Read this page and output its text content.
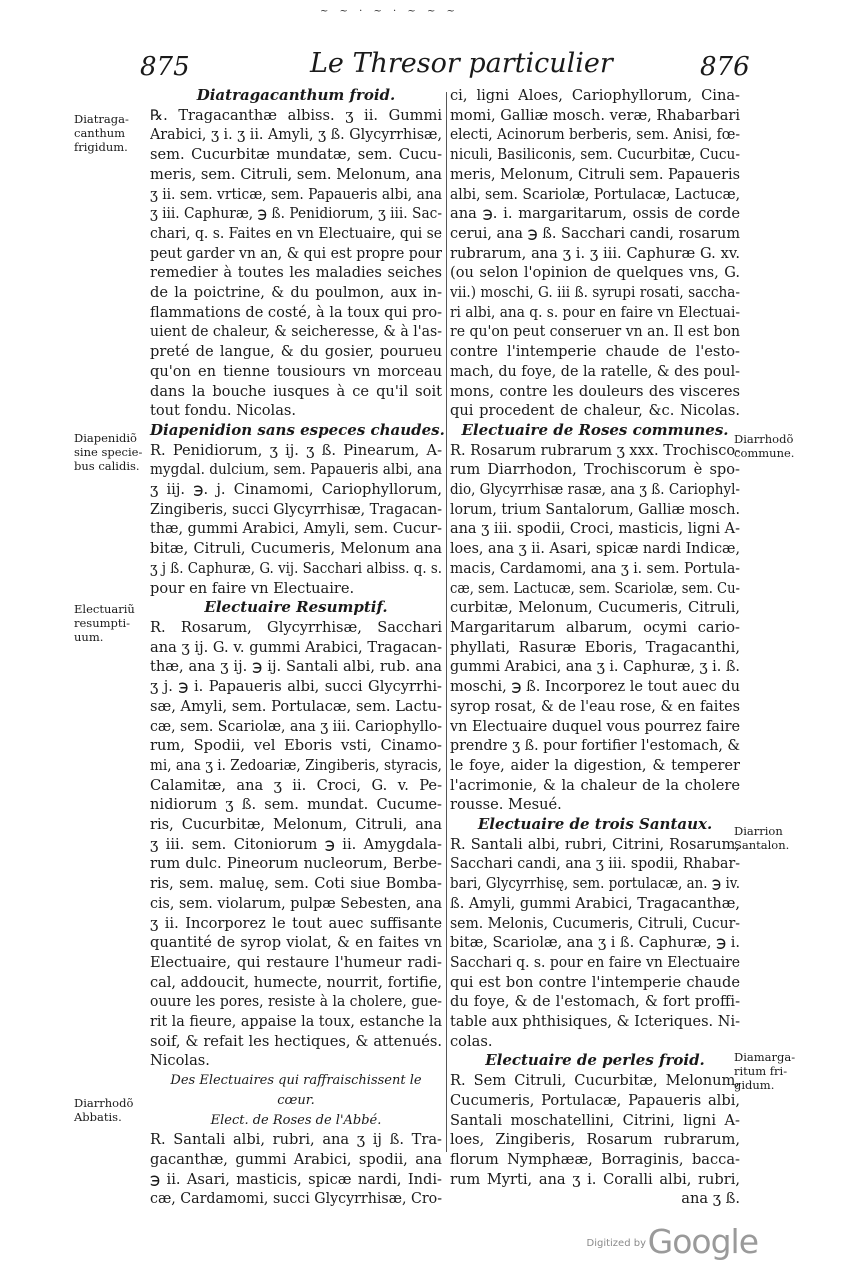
~ ~ · ~ · ~ ~ ~
875	Le Thresor particulier	876
Diatragacanthum froid.
℞. Tragacanthæ albiss. ʒ ii. Gummi
Arabici, ʒ i. ʒ ii. Amyli, ʒ ß. Glycyrrhisæ,
sem. Cucurbitæ mundatæ, sem. Cucu-
meris, sem. Citruli, sem. Melonum, ana
ʒ ii. sem. vrticæ, sem. Papaueris albi, ana
ʒ iii. Caphuræ, ℈ ß. Penidiorum, ʒ iii. Sac-
chari, q. s. Faites en vn Electuaire, qui se
peut garder vn an, & qui est propre pour
remedier à toutes les maladies seiches
de la poictrine, & du poulmon, aux in-
flammations de costé, à la toux qui pro-
uient de chaleur, & seicheresse, & à l'as-
preté de langue, & du gosier, pourueu
qu'on en tienne tousiours vn morceau
dans la bouche iusques à ce qu'il soit
tout fondu. Nicolas.
Diapenidion sans especes chaudes.
R. Penidiorum, ʒ ij. ʒ ß. Pinearum, A-
mygdal. dulcium, sem. Papaueris albi, ana
ʒ iij. ℈. j. Cinamomi, Cariophyllorum,
Zingiberis, succi Glycyrrhisæ, Tragacan-
thæ, gummi Arabici, Amyli, sem. Cucur-
bitæ, Citruli, Cucumeris, Melonum ana
ʒ j ß. Caphuræ, G. vij. Sacchari albiss. q. s.
pour en faire vn Electuaire.
Electuaire Resumptif.
R. Rosarum, Glycyrrhisæ, Sacchari
ana ʒ ij. G. v. gummi Arabici, Tragacan-
thæ, ana ʒ ij. ℈ ij. Santali albi, rub. ana
ʒ j. ℈ i. Papaueris albi, succi Glycyrrhi-
sæ, Amyli, sem. Portulacæ, sem. Lactu-
cæ, sem. Scariolæ, ana ʒ iii. Cariophyllo-
rum, Spodii, vel Eboris vsti, Cinamo-
mi, ana ʒ i. Zedoariæ, Zingiberis, styracis,
Calamitæ, ana ʒ ii. Croci, G. v. Pe-
nidiorum ʒ ß. sem. mundat. Cucume-
ris, Cucurbitæ, Melonum, Citruli, ana
ʒ iii. sem. Citoniorum ℈ ii. Amygdala-
rum dulc. Pineorum nucleorum, Berbe-
ris, sem. maluę, sem. Coti siue Bomba-
cis, sem. violarum, pulpæ Sebesten, ana
ʒ ii. Incorporez le tout auec suffisante
quantité de syrop violat, & en faites vn
Electuaire, qui restaure l'humeur radi-
cal, addoucit, humecte, nourrit, fortifie,
ouure les pores, resiste à la cholere, gue-
rit la fieure, appaise la toux, estanche la
soif, & refait les hectiques, & attenués.
Nicolas.
Des Electuaires qui raffraischissent le
cœur.
Elect. de Roses de l'Abbé.
R. Santali albi, rubri, ana ʒ ij ß. Tra-
gacanthæ, gummi Arabici, spodii, ana
℈ ii. Asari, masticis, spicæ nardi, Indi-
cæ, Cardamomi, succi Glycyrrhisæ, Cro-
ci, ligni Aloes, Cariophyllorum, Cina-
momi, Galliæ mosch. veræ, Rhabarbari
electi, Acinorum berberis, sem. Anisi, fœ-
niculi, Basiliconis, sem. Cucurbitæ, Cucu-
meris, Melonum, Citruli sem. Papaueris
albi, sem. Scariolæ, Portulacæ, Lactucæ,
ana ℈. i. margaritarum, ossis de corde
cerui, ana ℈ ß. Sacchari candi, rosarum
rubrarum, ana ʒ i. ʒ iii. Caphuræ G. xv.
(ou selon l'opinion de quelques vns, G.
vii.) moschi, G. iii ß. syrupi rosati, saccha-
ri albi, ana q. s. pour en faire vn Electuai-
re qu'on peut conseruer vn an. Il est bon
contre l'intemperie chaude de l'esto-
mach, du foye, de la ratelle, & des poul-
mons, contre les douleurs des visceres
qui procedent de chaleur, &c. Nicolas.
Electuaire de Roses communes.
R. Rosarum rubrarum ʒ xxx. Trochisco-
rum Diarrhodon, Trochiscorum è spo-
dio, Glycyrrhisæ rasæ, ana ʒ ß. Cariophyl-
lorum, trium Santalorum, Galliæ mosch.
ana ʒ iii. spodii, Croci, masticis, ligni A-
loes, ana ʒ ii. Asari, spicæ nardi Indicæ,
macis, Cardamomi, ana ʒ i. sem. Portula-
cæ, sem. Lactucæ, sem. Scariolæ, sem. Cu-
curbitæ, Melonum, Cucumeris, Citruli,
Margaritarum albarum, ocymi cario-
phyllati, Rasuræ Eboris, Tragacanthi,
gummi Arabici, ana ʒ i. Caphuræ, ʒ i. ß.
moschi, ℈ ß. Incorporez le tout auec du
syrop rosat, & de l'eau rose, & en faites
vn Electuaire duquel vous pourrez faire
prendre ʒ ß. pour fortifier l'estomach, &
le foye, aider la digestion, & temperer
l'acrimonie, & la chaleur de la cholere
rousse. Mesué.
Electuaire de trois Santaux.
R. Santali albi, rubri, Citrini, Rosarum,
Sacchari candi, ana ʒ iii. spodii, Rhabar-
bari, Glycyrrhisę, sem. portulacæ, an. ℈ iv.
ß. Amyli, gummi Arabici, Tragacanthæ,
sem. Melonis, Cucumeris, Citruli, Cucur-
bitæ, Scariolæ, ana ʒ i ß. Caphuræ, ℈ i.
Sacchari q. s. pour en faire vn Electuaire
qui est bon contre l'intemperie chaude
du foye, & de l'estomach, & fort proffi-
table aux phthisiques, & Icteriques. Ni-
colas.
Electuaire de perles froid.
R. Sem Citruli, Cucurbitæ, Melonum,
Cucumeris, Portulacæ, Papaueris albi,
Santali moschatellini, Citrini, ligni A-
loes, Zingiberis, Rosarum rubrarum,
florum Nymphææ, Borraginis, bacca-
rum Myrti, ana ʒ i. Coralli albi, rubri,
ana ʒ ß.
Diatraga-
canthum
frigidum.
Diapenidiõ
sine specie-
bus calidis.
Electuariũ
resumpti-
uum.
Diarrhodõ
Abbatis.
Diarrhodõ
commune.
Diarrion
Santalon.
Diamarga-
ritum fri-
gidum.
Digitized by Google
